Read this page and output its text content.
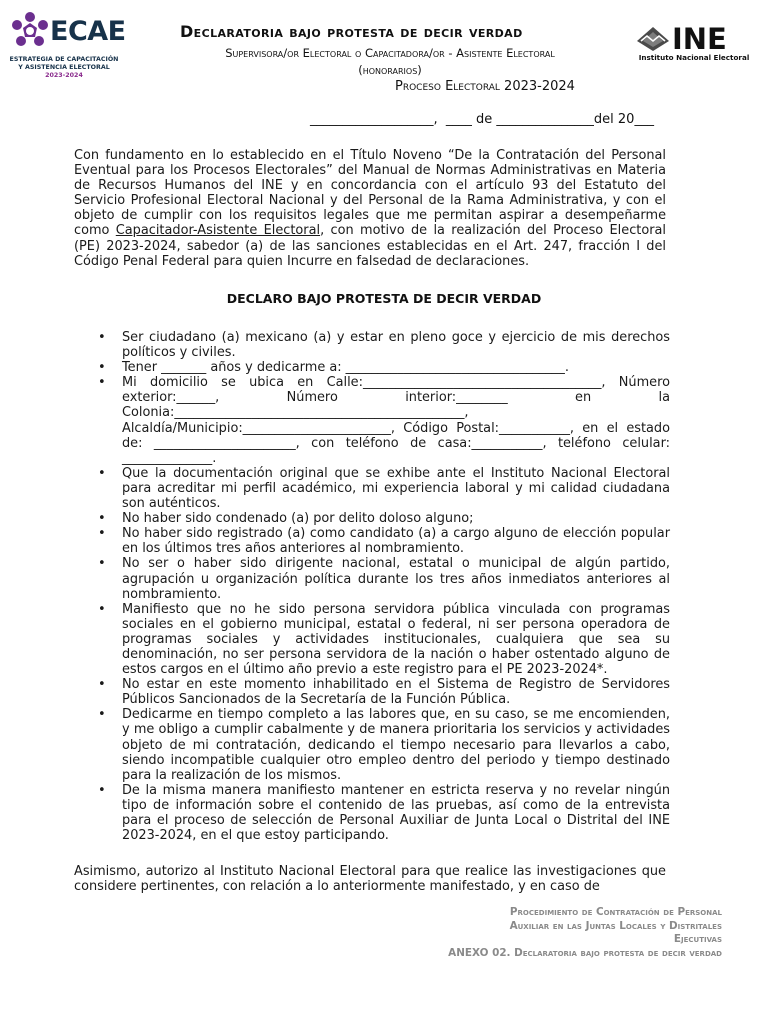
ECAE
ESTRATEGIA DE CAPACITACIÓN
Y ASISTENCIA ELECTORAL
2023-2024
Declaratoria bajo protesta de decir verdad
Supervisora/or Electoral o Capacitadora/or - Asistente Electoral
(honorarios)
Proceso Electoral 2023-2024
INE
Instituto Nacional Electoral
___________________,  ____ de _______________del 20___
Con fundamento en lo establecido en el Título Noveno “De la Contratación del Personal Eventual para los Procesos Electorales” del Manual de Normas Administrativas en Materia de Recursos Humanos del INE y en concordancia con el artículo 93 del Estatuto del Servicio Profesional Electoral Nacional y del Personal de la Rama Administrativa, y con el objeto de cumplir con los requisitos legales que me permitan aspirar a desempeñarme como Capacitador-Asistente Electoral, con motivo de la realización del Proceso Electoral (PE) 2023-2024, sabedor (a) de las sanciones establecidas en el Art. 247, fracción I del Código Penal Federal para quien Incurre en falsedad de declaraciones.
DECLARO BAJO PROTESTA DE DECIR VERDAD
• Ser ciudadano (a) mexicano (a) y estar en pleno goce y ejercicio de mis derechos políticos y civiles.
• Tener _______ años y dedicarme a: __________________________________.
• Mi domicilio se ubica en Calle:_____________________________________, Número exterior:______, Número interior:________ en la Colonia:_____________________________________________, Alcaldía/Municipio:_______________________, Código Postal:___________, en el estado de: ______________________, con teléfono de casa:___________, teléfono celular: ______________.
• Que la documentación original que se exhibe ante el Instituto Nacional Electoral para acreditar mi perfil académico, mi experiencia laboral y mi calidad ciudadana son auténticos.
• No haber sido condenado (a) por delito doloso alguno;
• No haber sido registrado (a) como candidato (a) a cargo alguno de elección popular en los últimos tres años anteriores al nombramiento.
• No ser o haber sido dirigente nacional, estatal o municipal de algún partido, agrupación u organización política durante los tres años inmediatos anteriores al nombramiento.
• Manifiesto que no he sido persona servidora pública vinculada con programas sociales en el gobierno municipal, estatal o federal, ni ser persona operadora de programas sociales y actividades institucionales, cualquiera que sea su denominación, no ser persona servidora de la nación o haber ostentado alguno de estos cargos en el último año previo a este registro para el PE 2023-2024*.
• No estar en este momento inhabilitado en el Sistema de Registro de Servidores Públicos Sancionados de la Secretaría de la Función Pública.
• Dedicarme en tiempo completo a las labores que, en su caso, se me encomienden, y me obligo a cumplir cabalmente y de manera prioritaria los servicios y actividades objeto de mi contratación, dedicando el tiempo necesario para llevarlos a cabo, siendo incompatible cualquier otro empleo dentro del periodo y tiempo destinado para la realización de los mismos.
• De la misma manera manifiesto mantener en estricta reserva y no revelar ningún tipo de información sobre el contenido de las pruebas, así como de la entrevista para el proceso de selección de Personal Auxiliar de Junta Local o Distrital del INE 2023-2024, en el que estoy participando.
Asimismo, autorizo al Instituto Nacional Electoral para que realice las investigaciones que considere pertinentes, con relación a lo anteriormente manifestado, y en caso de
Procedimiento de Contratación de Personal
Auxiliar en las Juntas Locales y Distritales
Ejecutivas
ANEXO 02. Declaratoria bajo protesta de decir verdad
